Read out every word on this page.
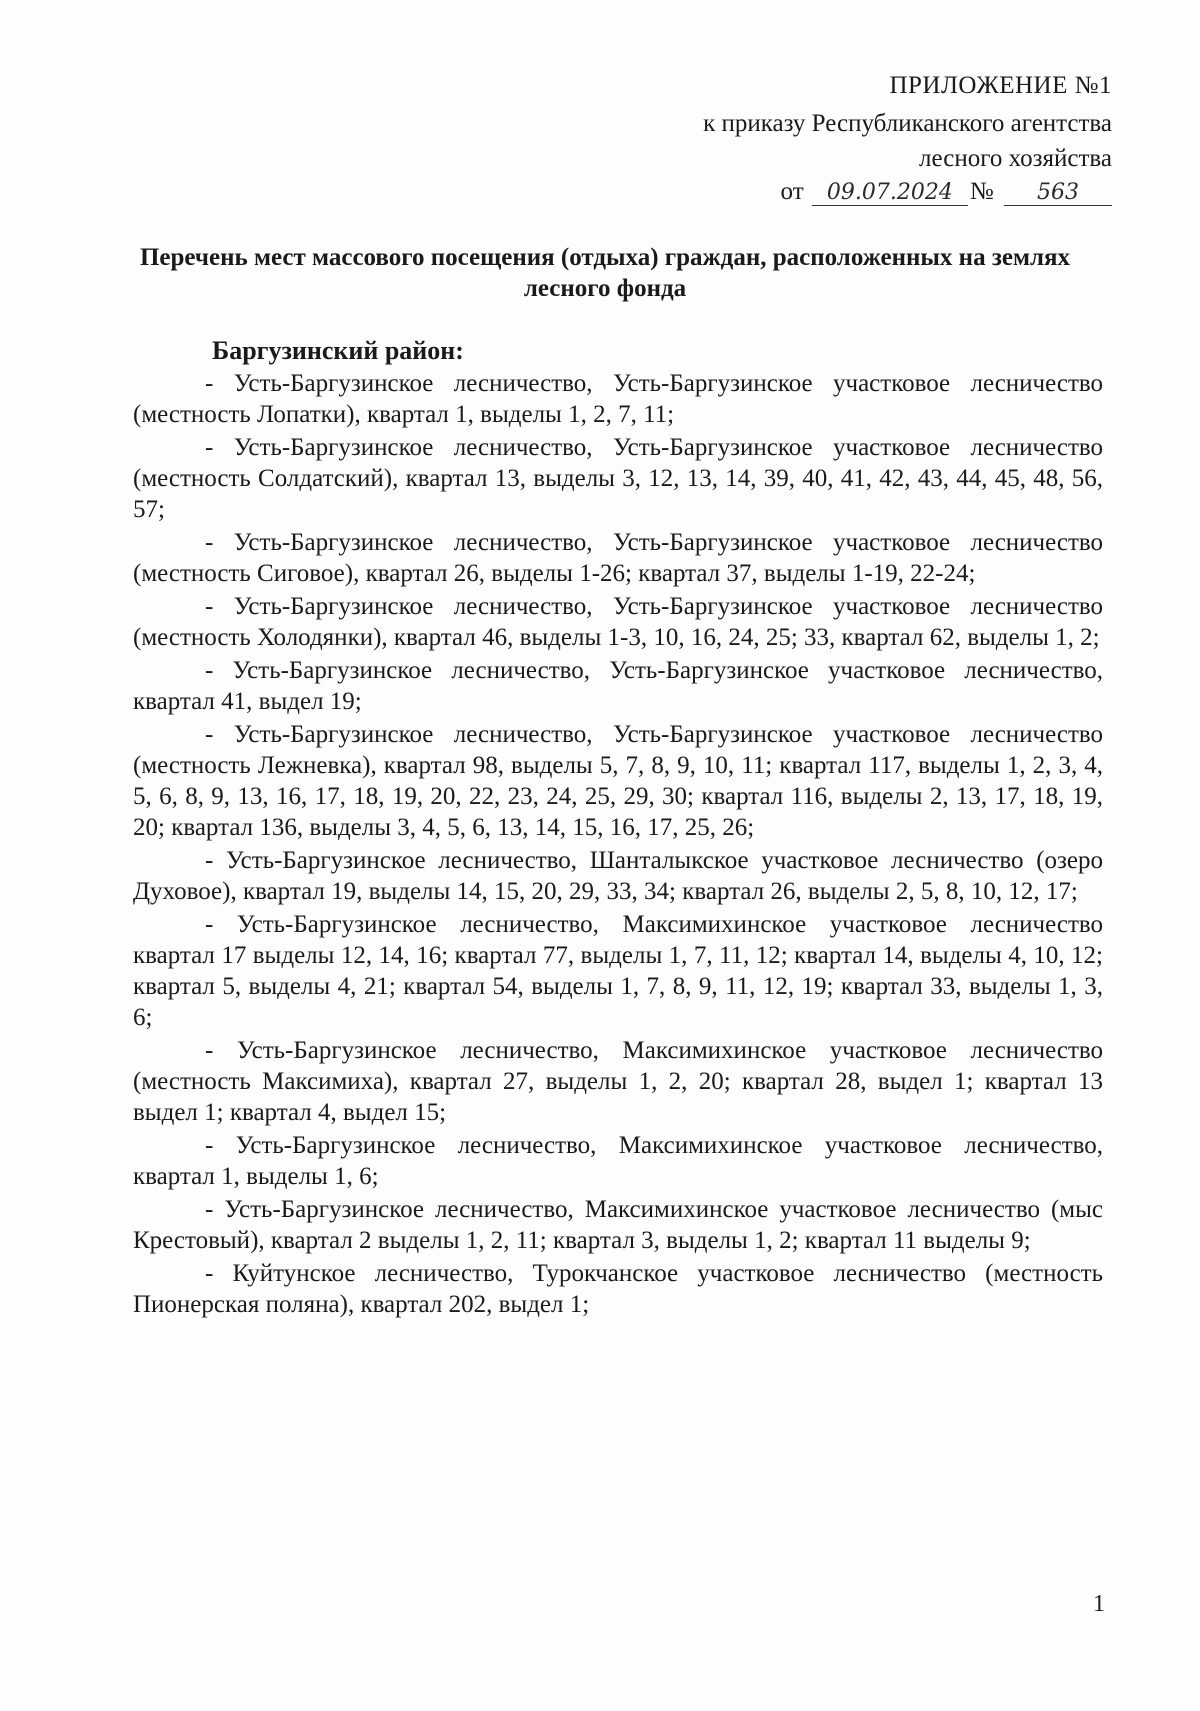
ПРИЛОЖЕНИЕ №1
к приказу Республиканского агентства
лесного хозяйства
от 09.07.2024 № 563
Перечень мест массового посещения (отдыха) граждан, расположенных на землях лесного фонда
Баргузинский район:

- Усть-Баргузинское лесничество, Усть-Баргузинское участковое лесничество (местность Лопатки), квартал 1, выделы 1, 2, 7, 11;

- Усть-Баргузинское лесничество, Усть-Баргузинское участковое лесничество (местность Солдатский), квартал 13, выделы 3, 12, 13, 14, 39, 40, 41, 42, 43, 44, 45, 48, 56, 57;

- Усть-Баргузинское лесничество, Усть-Баргузинское участковое лесничество (местность Сиговое), квартал 26, выделы 1-26; квартал 37, выделы 1-19, 22-24;

- Усть-Баргузинское лесничество, Усть-Баргузинское участковое лесничество (местность Холодянки), квартал 46, выделы 1-3, 10, 16, 24, 25; 33, квартал 62, выделы 1, 2;

- Усть-Баргузинское лесничество, Усть-Баргузинское участковое лесничество, квартал 41, выдел 19;

- Усть-Баргузинское лесничество, Усть-Баргузинское участковое лесничество (местность Лежневка), квартал 98, выделы 5, 7, 8, 9, 10, 11; квартал 117, выделы 1, 2, 3, 4, 5, 6, 8, 9, 13, 16, 17, 18, 19, 20, 22, 23, 24, 25, 29, 30; квартал 116, выделы 2, 13, 17, 18, 19, 20; квартал 136, выделы 3, 4, 5, 6, 13, 14, 15, 16, 17, 25, 26;

- Усть-Баргузинское лесничество, Шанталыкское участковое лесничество (озеро Духовое), квартал 19, выделы 14, 15, 20, 29, 33, 34; квартал 26, выделы 2, 5, 8, 10, 12, 17;

- Усть-Баргузинское лесничество, Максимихинское участковое лесничество квартал 17 выделы 12, 14, 16; квартал 77, выделы 1, 7, 11, 12; квартал 14, выделы 4, 10, 12; квартал 5, выделы 4, 21; квартал 54, выделы 1, 7, 8, 9, 11, 12, 19; квартал 33, выделы 1, 3, 6;

- Усть-Баргузинское лесничество, Максимихинское участковое лесничество (местность Максимиха), квартал 27, выделы 1, 2, 20; квартал 28, выдел 1; квартал 13 выдел 1; квартал 4, выдел 15;

- Усть-Баргузинское лесничество, Максимихинское участковое лесничество, квартал 1, выделы 1, 6;

- Усть-Баргузинское лесничество, Максимихинское участковое лесничество (мыс Крестовый), квартал 2 выделы 1, 2, 11; квартал 3, выделы 1, 2; квартал 11 выделы 9;

- Куйтунское лесничество, Турокчанское участковое лесничество (местность Пионерская поляна), квартал 202, выдел 1;

1
